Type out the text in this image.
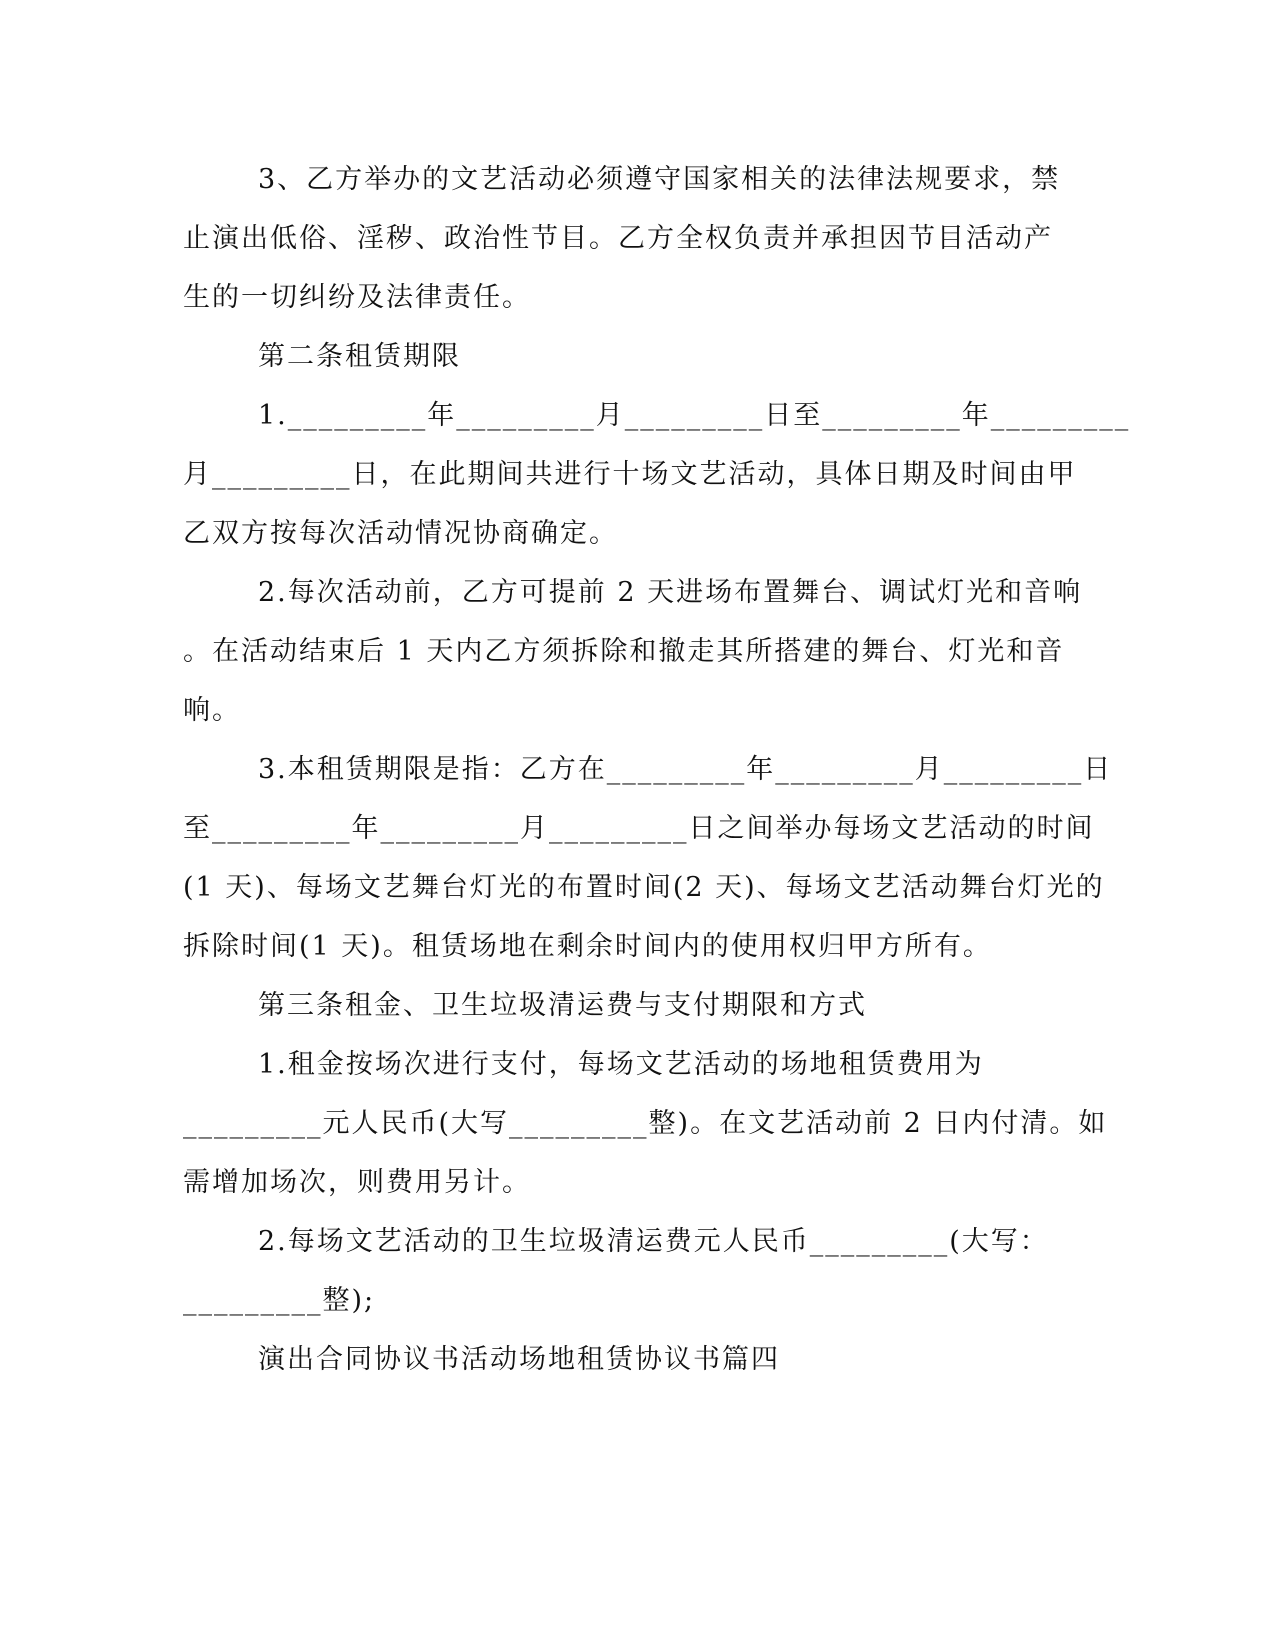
3、乙方举办的文艺活动必须遵守国家相关的法律法规要求，禁
止演出低俗、淫秽、政治性节目。乙方全权负责并承担因节目活动产
生的一切纠纷及法律责任。
第二条租赁期限
1._________年_________月_________日至_________年_________
月_________日，在此期间共进行十场文艺活动，具体日期及时间由甲
乙双方按每次活动情况协商确定。
2.每次活动前，乙方可提前 2 天进场布置舞台、调试灯光和音响
。在活动结束后 1 天内乙方须拆除和撤走其所搭建的舞台、灯光和音
响。
3.本租赁期限是指：乙方在_________年_________月_________日
至_________年_________月_________日之间举办每场文艺活动的时间
(1 天)、每场文艺舞台灯光的布置时间(2 天)、每场文艺活动舞台灯光的
拆除时间(1 天)。租赁场地在剩余时间内的使用权归甲方所有。
第三条租金、卫生垃圾清运费与支付期限和方式
1.租金按场次进行支付，每场文艺活动的场地租赁费用为
_________元人民币(大写_________整)。在文艺活动前 2 日内付清。如
需增加场次，则费用另计。
2.每场文艺活动的卫生垃圾清运费元人民币_________(大写：
_________整);
演出合同协议书活动场地租赁协议书篇四
